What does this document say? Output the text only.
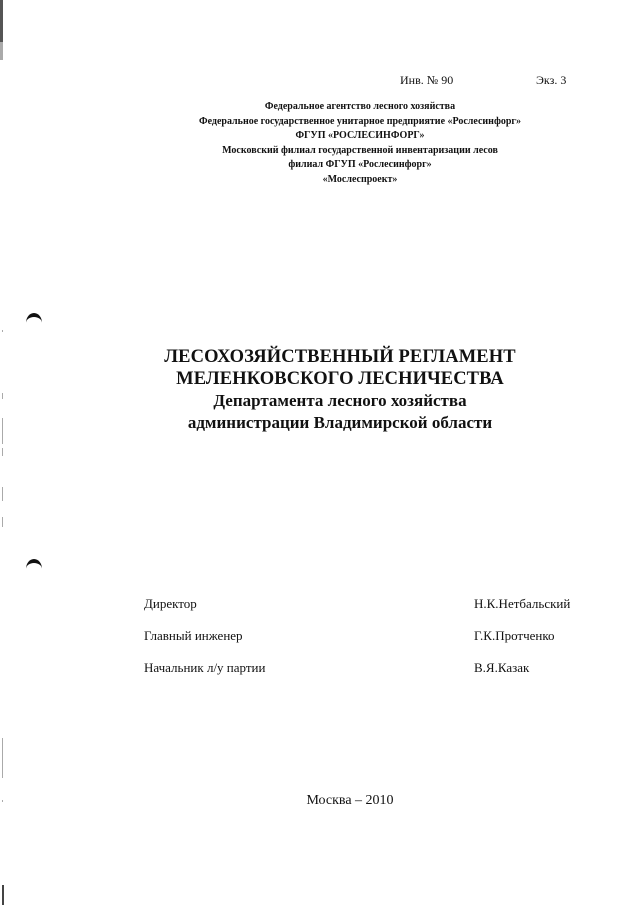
Инв. № 90	Экз. 3
Федеральное агентство лесного хозяйства
Федеральное государственное унитарное предприятие «Рослесинфорг»
ФГУП «РОСЛЕСИНФОРГ»
Московский филиал государственной инвентаризации лесов
филиал ФГУП «Рослесинфорг»
«Мослеспроект»
ЛЕСОХОЗЯЙСТВЕННЫЙ РЕГЛАМЕНТ
МЕЛЕНКОВСКОГО ЛЕСНИЧЕСТВА
Департамента лесного хозяйства
администрации Владимирской области
Директор	Н.К.Нетбальский
Главный инженер	Г.К.Протченко
Начальник л/у партии	В.Я.Казак
Москва – 2010
